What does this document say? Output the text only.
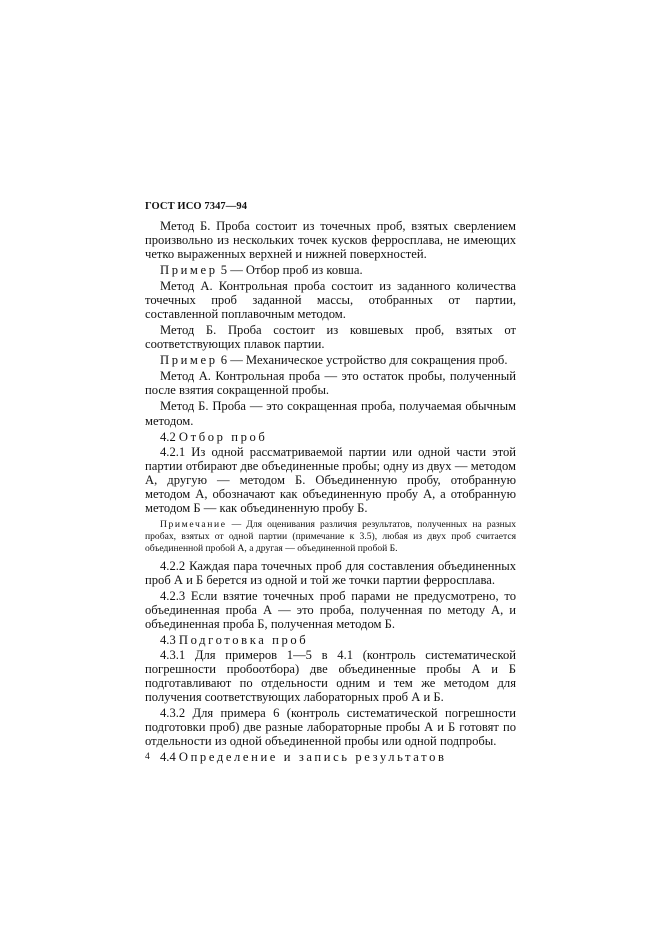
ГОСТ ИСО 7347—94

Метод Б. Проба состоит из точечных проб, взятых сверлением произвольно из нескольких точек кусков ферросплава, не имеющих четко выраженных верхней и нижней поверхностей.

Пример 5 — Отбор проб из ковша.

Метод А. Контрольная проба состоит из заданного количества точечных проб заданной массы, отобранных от партии, составленной поплавочным методом.

Метод Б. Проба состоит из ковшевых проб, взятых от соответствующих плавок партии.

Пример 6 — Механическое устройство для сокращения проб.

Метод А. Контрольная проба — это остаток пробы, полученный после взятия сокращенной пробы.

Метод Б. Проба — это сокращенная проба, получаемая обычным методом.

4.2 Отбор проб

4.2.1 Из одной рассматриваемой партии или одной части этой партии отбирают две объединенные пробы; одну из двух — методом А, другую — методом Б. Объединенную пробу, отобранную методом А, обозначают как объединенную пробу А, а отобранную методом Б — как объединенную пробу Б.

Примечание — Для оценивания различия результатов, полученных на разных пробах, взятых от одной партии (примечание к 3.5), любая из двух проб считается объединенной пробой А, а другая — объединенной пробой Б.

4.2.2 Каждая пара точечных проб для составления объединенных проб А и Б берется из одной и той же точки партии ферросплава.

4.2.3 Если взятие точечных проб парами не предусмотрено, то объединенная проба А — это проба, полученная по методу А, и объединенная проба Б, полученная методом Б.

4.3 Подготовка проб

4.3.1 Для примеров 1—5 в 4.1 (контроль систематической погрешности пробоотбора) две объединенные пробы А и Б подготавливают по отдельности одним и тем же методом для получения соответствующих лабораторных проб А и Б.

4.3.2 Для примера 6 (контроль систематической погрешности подготовки проб) две разные лабораторные пробы А и Б готовят по отдельности из одной объединенной пробы или одной подпробы.

4.4 Определение и запись результатов

4
